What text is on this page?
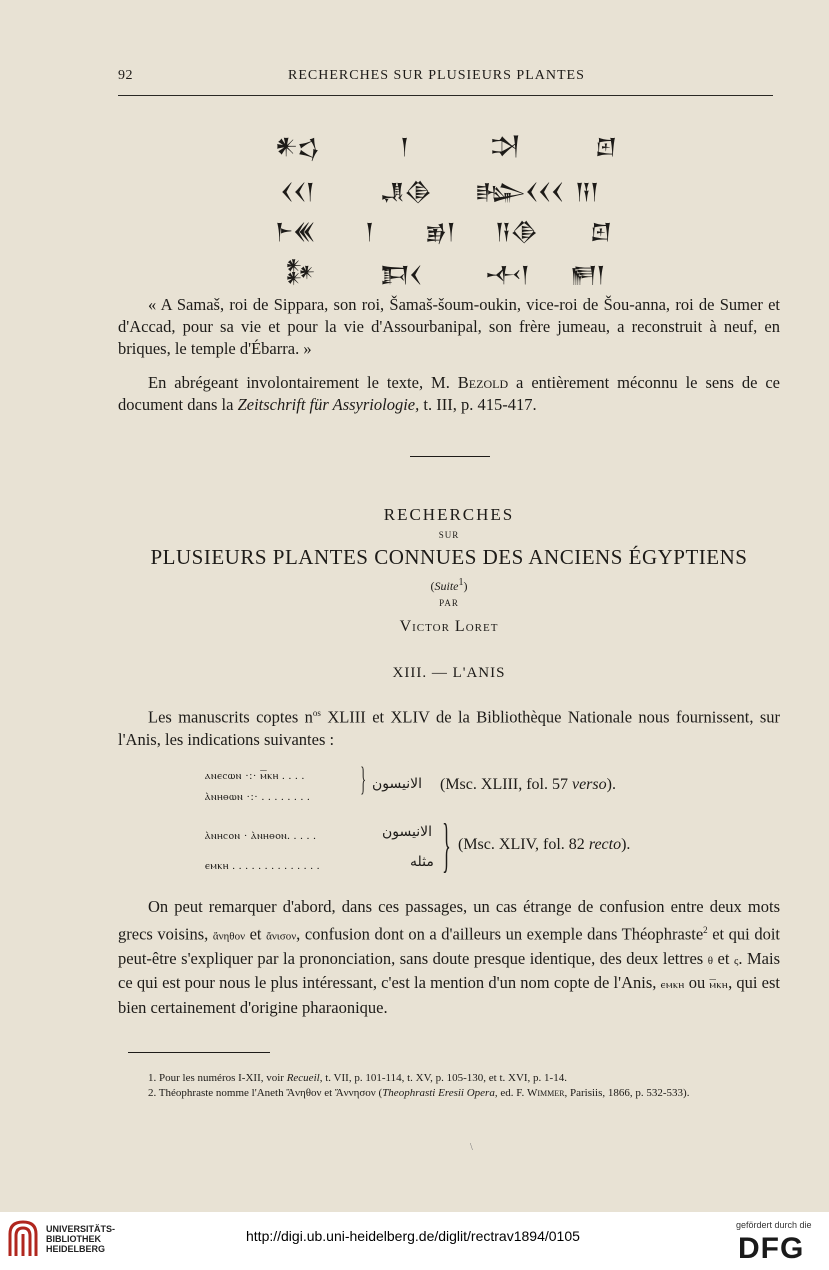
92	RECHERCHES SUR PLUSIEURS PLANTES
𒀭𒌓	𒁹	𒋫	𒇻
𒌋𒌋𒁹	𒂗𒆠 𒈗𒌋𒌋𒌋 𒀀𒁹
𒈨𒌍 𒁹 𒂊𒁹 𒀀𒆠 𒇻
𒀯	𒁕𒌋	𒋾𒁹 𒂍𒁹

« A Samaš, roi de Sippara, son roi, Šamaš-šoum-oukin, vice-roi de Šou-anna, roi de Sumer et d'Accad, pour sa vie et pour la vie d'Assourbanipal, son frère jumeau, a reconstruit à neuf, en briques, le temple d'Ébarra. »

En abrégeant involontairement le texte, M. Bezold a entièrement méconnu le sens de ce document dans la Zeitschrift für Assyriologie, t. III, p. 415-417.

RECHERCHES
SUR
PLUSIEURS PLANTES CONNUES DES ANCIENS ÉGYPTIENS
(Suite$^1$)
PAR
Victor Loret
XIII. — L'ANIS

Les manuscrits coptes $n^{os}$ XLIII et XLIV de la Bibliothèque Nationale nous fournissent, sur l'Anis, les indications suivantes :

ⲁⲛⲉⲥⲱⲛ ·:· ⲙ̅ⲕⲏ . . . .
ⲁ̀ⲛⲏⲑⲱⲛ ·:· . . . . . . . . } الانيسون (Msc. XLIII, fol. 57 verso).
ⲁ̀ⲛⲏⲥⲟⲛ · ⲁ̀ⲛⲏⲑⲟⲛ. . . . .
ⲉⲙⲕⲏ . . . . . . . . . . . . . .
الانيسون
مثله } (Msc. XLIV, fol. 82 recto).

On peut remarquer d'abord, dans ces passages, un cas étrange de confusion entre deux mots grecs voisins, ἄνηθον et ἄνισον, confusion dont on a d'ailleurs un exemple dans Théophraste$^2$ et qui doit peut-être s'expliquer par la prononciation, sans doute presque identique, des deux lettres θ et ς. Mais ce qui est pour nous le plus intéressant, c'est la mention d'un nom copte de l'Anis, ⲉⲙⲕⲏ ou ⲙ̅ⲕⲏ, qui est bien certainement d'origine pharaonique.

1. Pour les numéros I-XII, voir Recueil, t. VII, p. 101-114, t. XV, p. 105-130, et t. XVI, p. 1-14.

2. Théophraste nomme l'Aneth Ἄνηθον et Ἄννησον (Theophrasti Eresii Opera, ed. F. Wimmer, Parisiis, 1866, p. 532-533).

\
UNIVERSITÄTS-
BIBLIOTHEK
HEIDELBERG
http://digi.ub.uni-heidelberg.de/diglit/rectrav1894/0105
gefördert durch die
DFG
